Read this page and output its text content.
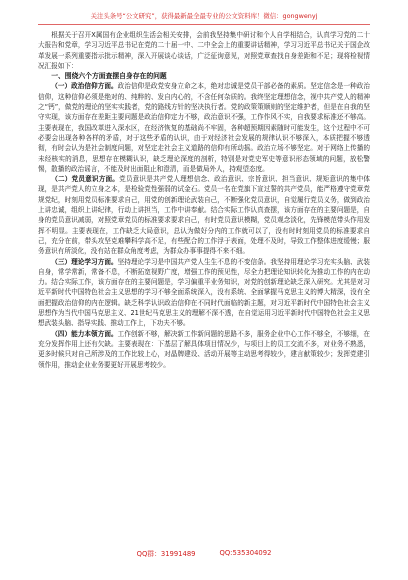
关注头条号“公文研究”，获得最新最全最专业的公文资料库！微信：gongwenyj

根据关于召开X属国有企业组织生活会相关安排，会前我坚持集中研讨和个人自学相结合，认真学习党的二十大报告和党章，学习习近平总书记在党的二十届一中、二中全会上的重要讲话精神，学习习近平总书记关于国企改革发展一系列重要指示批示精神，深入开展谈心谈话，广泛征询意见，对照党章查找自身差距和不足；现将检视情况汇报如下：

一、围绕六个方面查摆自身存在的问题

（一）政治信仰方面。政治信仰是政党安身立命之本，绝对忠诚是党员干部必备的素质。坚定信念是一种政治信仰，这种信仰必须是绝对的、纯粹的、发自内心的，不含任何杂质的。我终坚定理想信念，视中共产党人的精神之“钙”，做党的理论的坚实实践者，党的路线方针的坚决执行者。党的政策策顺则的坚定维护者，但是在自我的坚守实现，该方面存在差距主要问题是政治信仰定力不够，政治意识不强，工作作风不实，自我要求标准还不够高。主要表现在，我国改革进入深水区，在经济恢复的基础尚不牢固，各种超预期因素随时可能发生，这个过程中不可必要会出现各种各样的矛盾，对于这些矛盾的认识，由于对经济社会发展的规律认识不够深入，本质把握不够透彻，有时会认为是社会制度问题，对坚定走社会主义道路的信仰有所动摇。政治立场不够坚定。对于网络上传播的未经核实的消息，思想存在模糊认识，缺乏理论深度的剖析，特别是对党史军史等意识形态领域的问题，放松警惕，散播的政治谣言，不能及时出面阻止和澄清，而是做局外人，持观望态度。

（二）党员意识方面。党员意识是共产党人理想信念、政治意识、宗旨意识、担当意识、规矩意识的集中体现，是共产党人的立身之本，是检验党性强弱的试金石。党员一名在党旗下宣过誓的共产党员，能严格遵守党章党规党纪，时刻用党员标准要求自己，用党的创新理论武装自己，不断强化党员意识，自觉履行党员义务，做到政治上讲忠诚，组织上讲纪律，行动上讲担当，工作中讲奉献。结合实际工作认真查摆，该方面存在的主要问题是，自身的党员意识减弱，对照党章党员的标准要求要求自己，有时党员意识模糊，党员观念淡化，先锋模范带头作用发挥不明显。主要表现在，工作缺乏大局意识，总认为做好分内的工作就可以了，没有时时刻用党员的标准要求自己，充分在前，带头攻坚克难攀科学高不足，有些配合的工作浮于表面，处理不及时，导致工作整体进度缓慢；服务意识有所淡化，没有站在群众角度考虑，为群众办事事提得不来不细。

（三）理论学习方面。坚持理论学习是中国共产党人生生不息的不变信条。我坚持用理论学习充实头脑、武装自身，常学常新，常备不息，不断拓宽视野广度，增强工作的预见性，尽全力把理论知识转化为推动工作的内在动力。结合实际工作，该方面存在的主要问题是，学习偏重平业务知识，对党的创新理论缺乏深入研究。尤其是对习近平新时代中国特色社会主义思想的学习不够全面系统深入，没有系统、全面掌握马克思主义的博大精深，没有全面把握政治信仰的内在逻辑。缺乏科学认识政治信仰在不同时代面临的新主题，对习近平新时代中国特色社会主义思想作为当代中国马克思主义、21世纪马克思主义的理解不深不透，在自觉运用习近平新时代中国特色社会主义思想武装头脑、指导实践、推动工作上，下功夫不够。

（四）能力本领方面。工作创新不够，解决新工作新问题的思路不多，服务企业中心工作不够全，不够细，在充分发挥作用上还有欠缺。主要表现在：下基层了解具体项目情况少，与项目上的员工交流不多，对业务不熟悉，更多时候只对自己所涉及的工作比较上心，对晶牌建设、活动开展等主动思考得较少，建言献策较少；发挥党建引领作用，推动企业业务要更好开展思考较少。

QQ群：31991489	QQ:535304092
